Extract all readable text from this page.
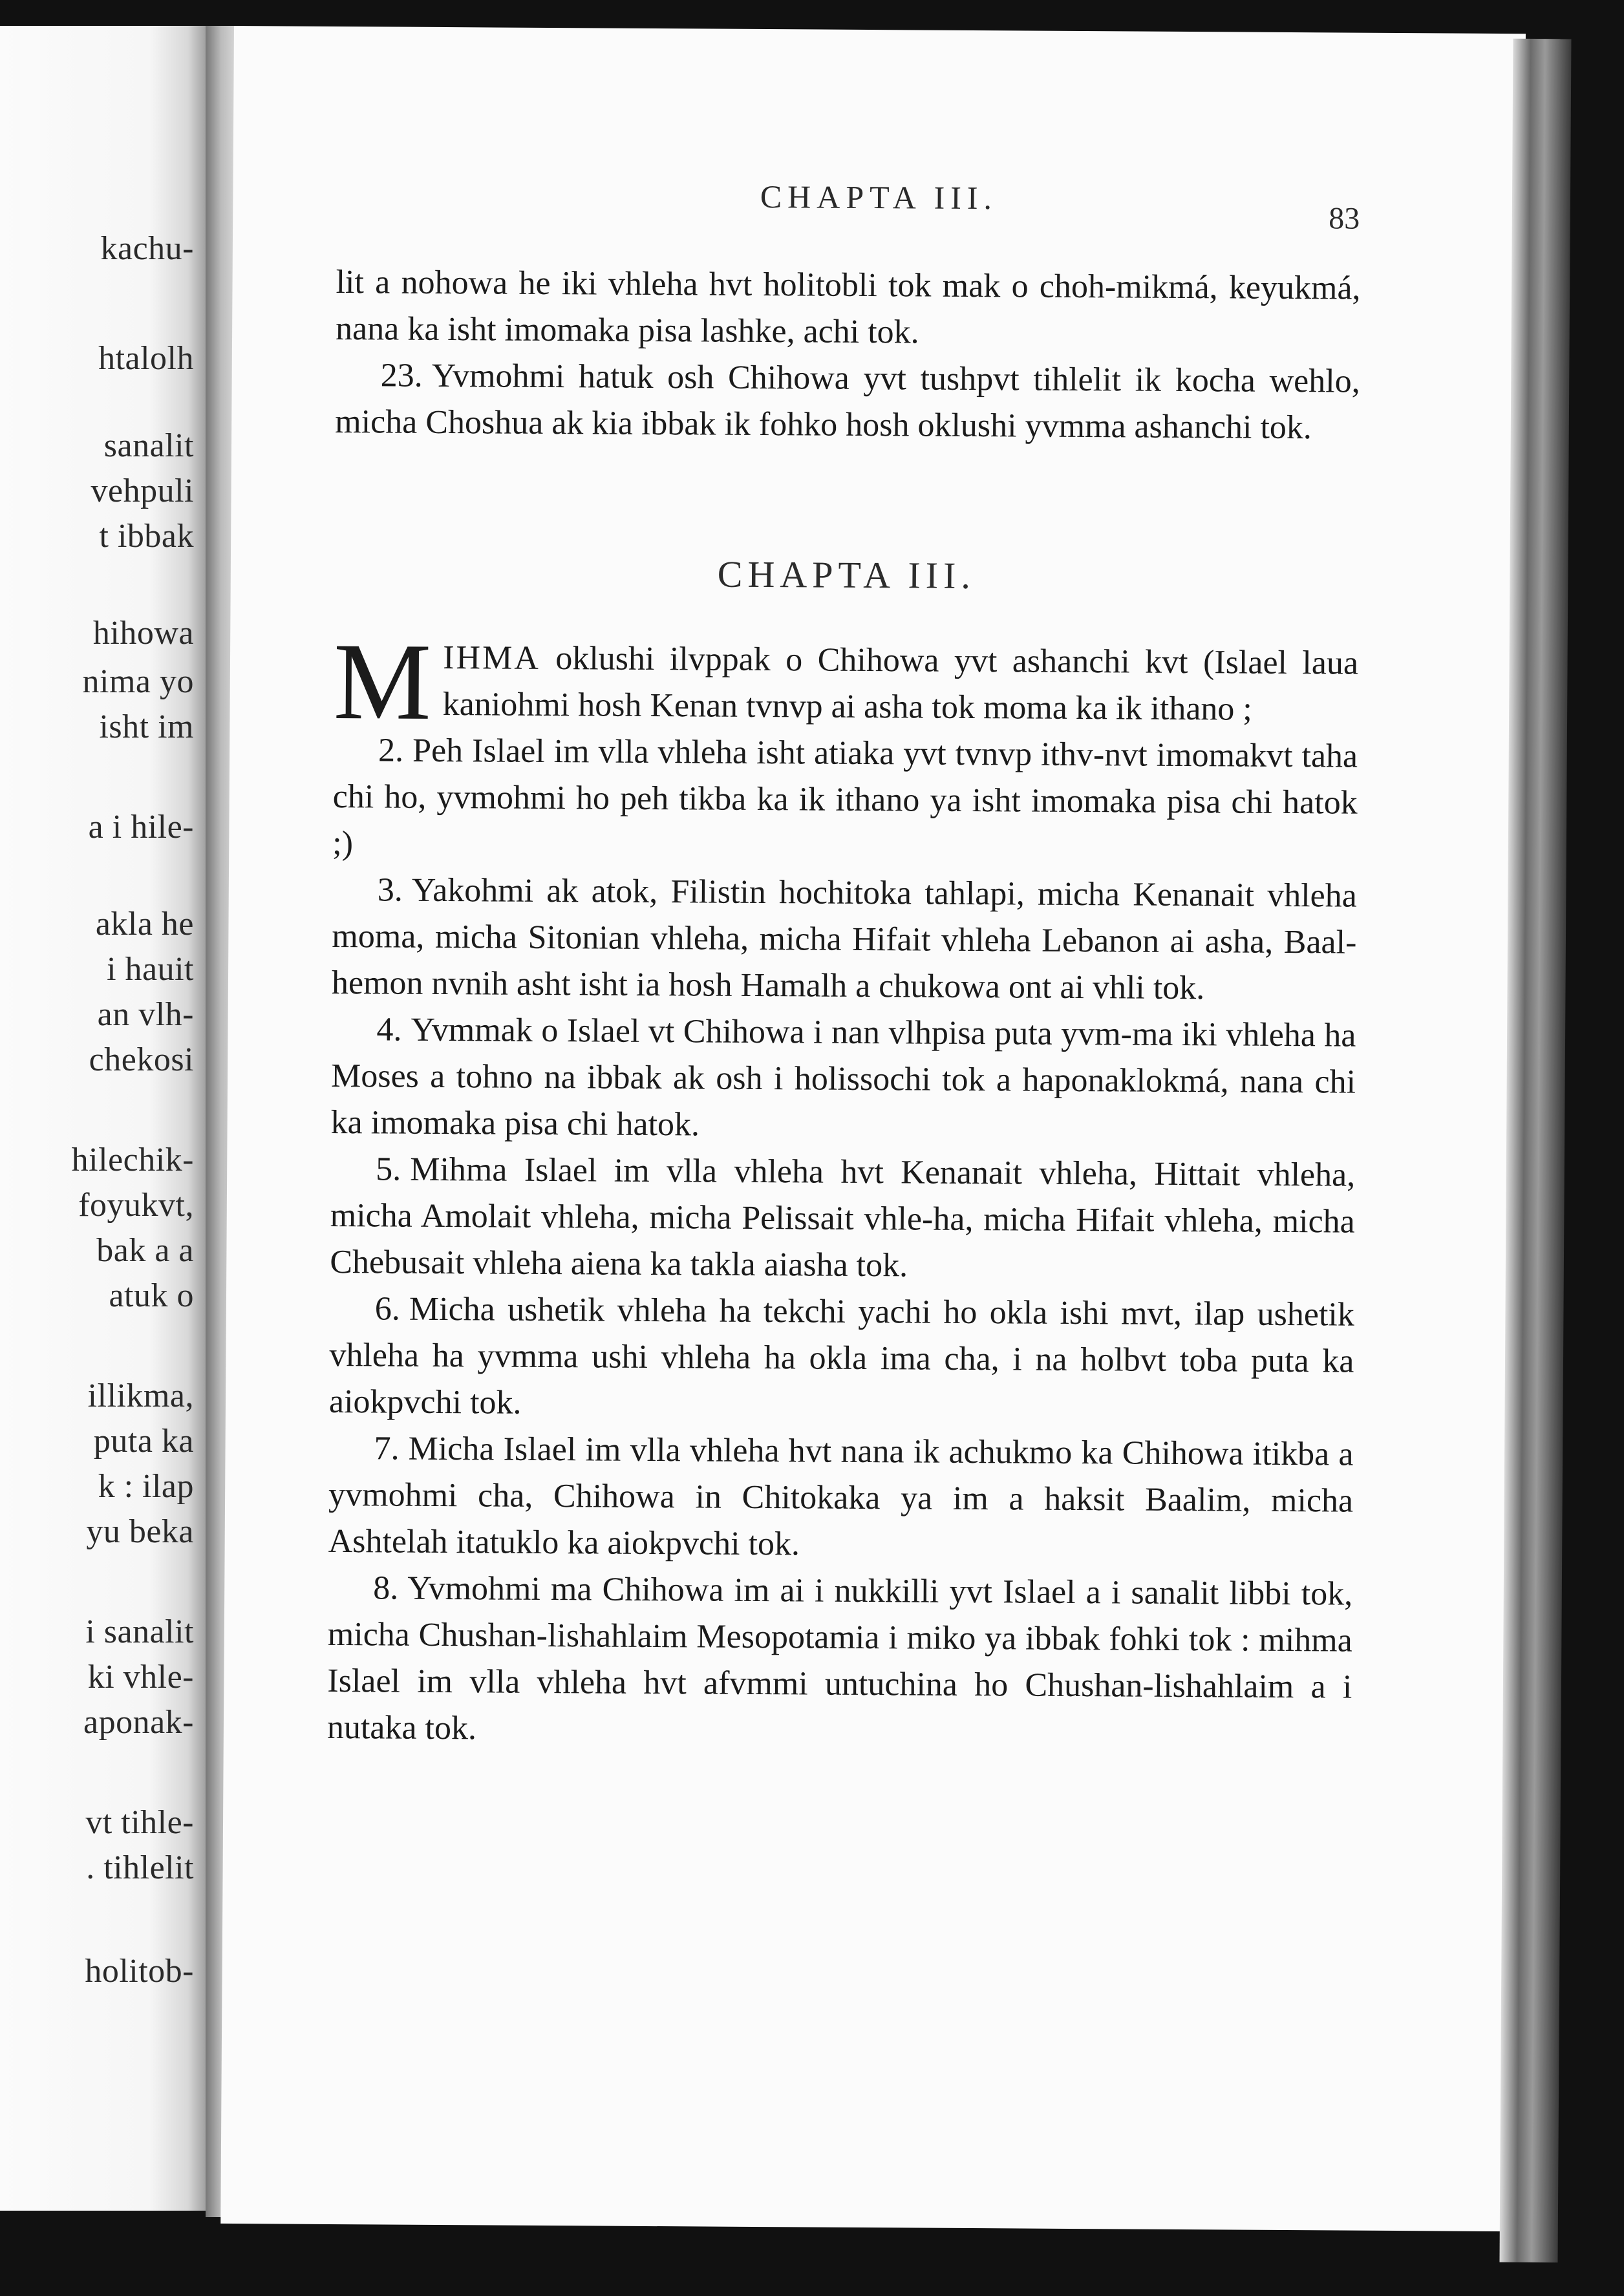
kachu-
htalolh
sanalit
vehpuli
t ibbak
hihowa
nima yo
isht im
a i hile-
akla he
i hauit
an vlh-
chekosi
hilechik-
foyukvt,
bak a a
atuk o
illikma,
puta ka
k : ilap
yu beka
i sanalit
ki vhle-
aponak-
vt tihle-
. tihlelit
holitob-
CHAPTA III.
83

lit a nohowa he iki vhleha hvt holitobli tok mak o choh-mikmá, keyukmá, nana ka isht imomaka pisa lashke, achi tok.

23. Yvmohmi hatuk osh Chihowa yvt tushpvt tihlelit ik kocha wehlo, micha Choshua ak kia ibbak ik fohko hosh oklushi yvmma ashanchi tok.

CHAPTA III.

MIHMA oklushi ilvppak o Chihowa yvt ashanchi kvt (Islael laua kaniohmi hosh Kenan tvnvp ai asha tok moma ka ik ithano ;

2. Peh Islael im vlla vhleha isht atiaka yvt tvnvp ithv-nvt imomakvt taha chi ho, yvmohmi ho peh tikba ka ik ithano ya isht imomaka pisa chi hatok ;)

3. Yakohmi ak atok, Filistin hochitoka tahlapi, micha Kenanait vhleha moma, micha Sitonian vhleha, micha Hifait vhleha Lebanon ai asha, Baal-hemon nvnih asht isht ia hosh Hamalh a chukowa ont ai vhli tok.

4. Yvmmak o Islael vt Chihowa i nan vlhpisa puta yvm-ma iki vhleha ha Moses a tohno na ibbak ak osh i holissochi tok a haponaklokmá, nana chi ka imomaka pisa chi hatok.

5. Mihma Islael im vlla vhleha hvt Kenanait vhleha, Hittait vhleha, micha Amolait vhleha, micha Pelissait vhle-ha, micha Hifait vhleha, micha Chebusait vhleha aiena ka takla aiasha tok.

6. Micha ushetik vhleha ha tekchi yachi ho okla ishi mvt, ilap ushetik vhleha ha yvmma ushi vhleha ha okla ima cha, i na holbvt toba puta ka aiokpvchi tok.

7. Micha Islael im vlla vhleha hvt nana ik achukmo ka Chihowa itikba a yvmohmi cha, Chihowa in Chitokaka ya im a haksit Baalim, micha Ashtelah itatuklo ka aiokpvchi tok.

8. Yvmohmi ma Chihowa im ai i nukkilli yvt Islael a i sanalit libbi tok, micha Chushan-lishahlaim Mesopotamia i miko ya ibbak fohki tok : mihma Islael im vlla vhleha hvt afvmmi untuchina ho Chushan-lishahlaim a i nutaka tok.
